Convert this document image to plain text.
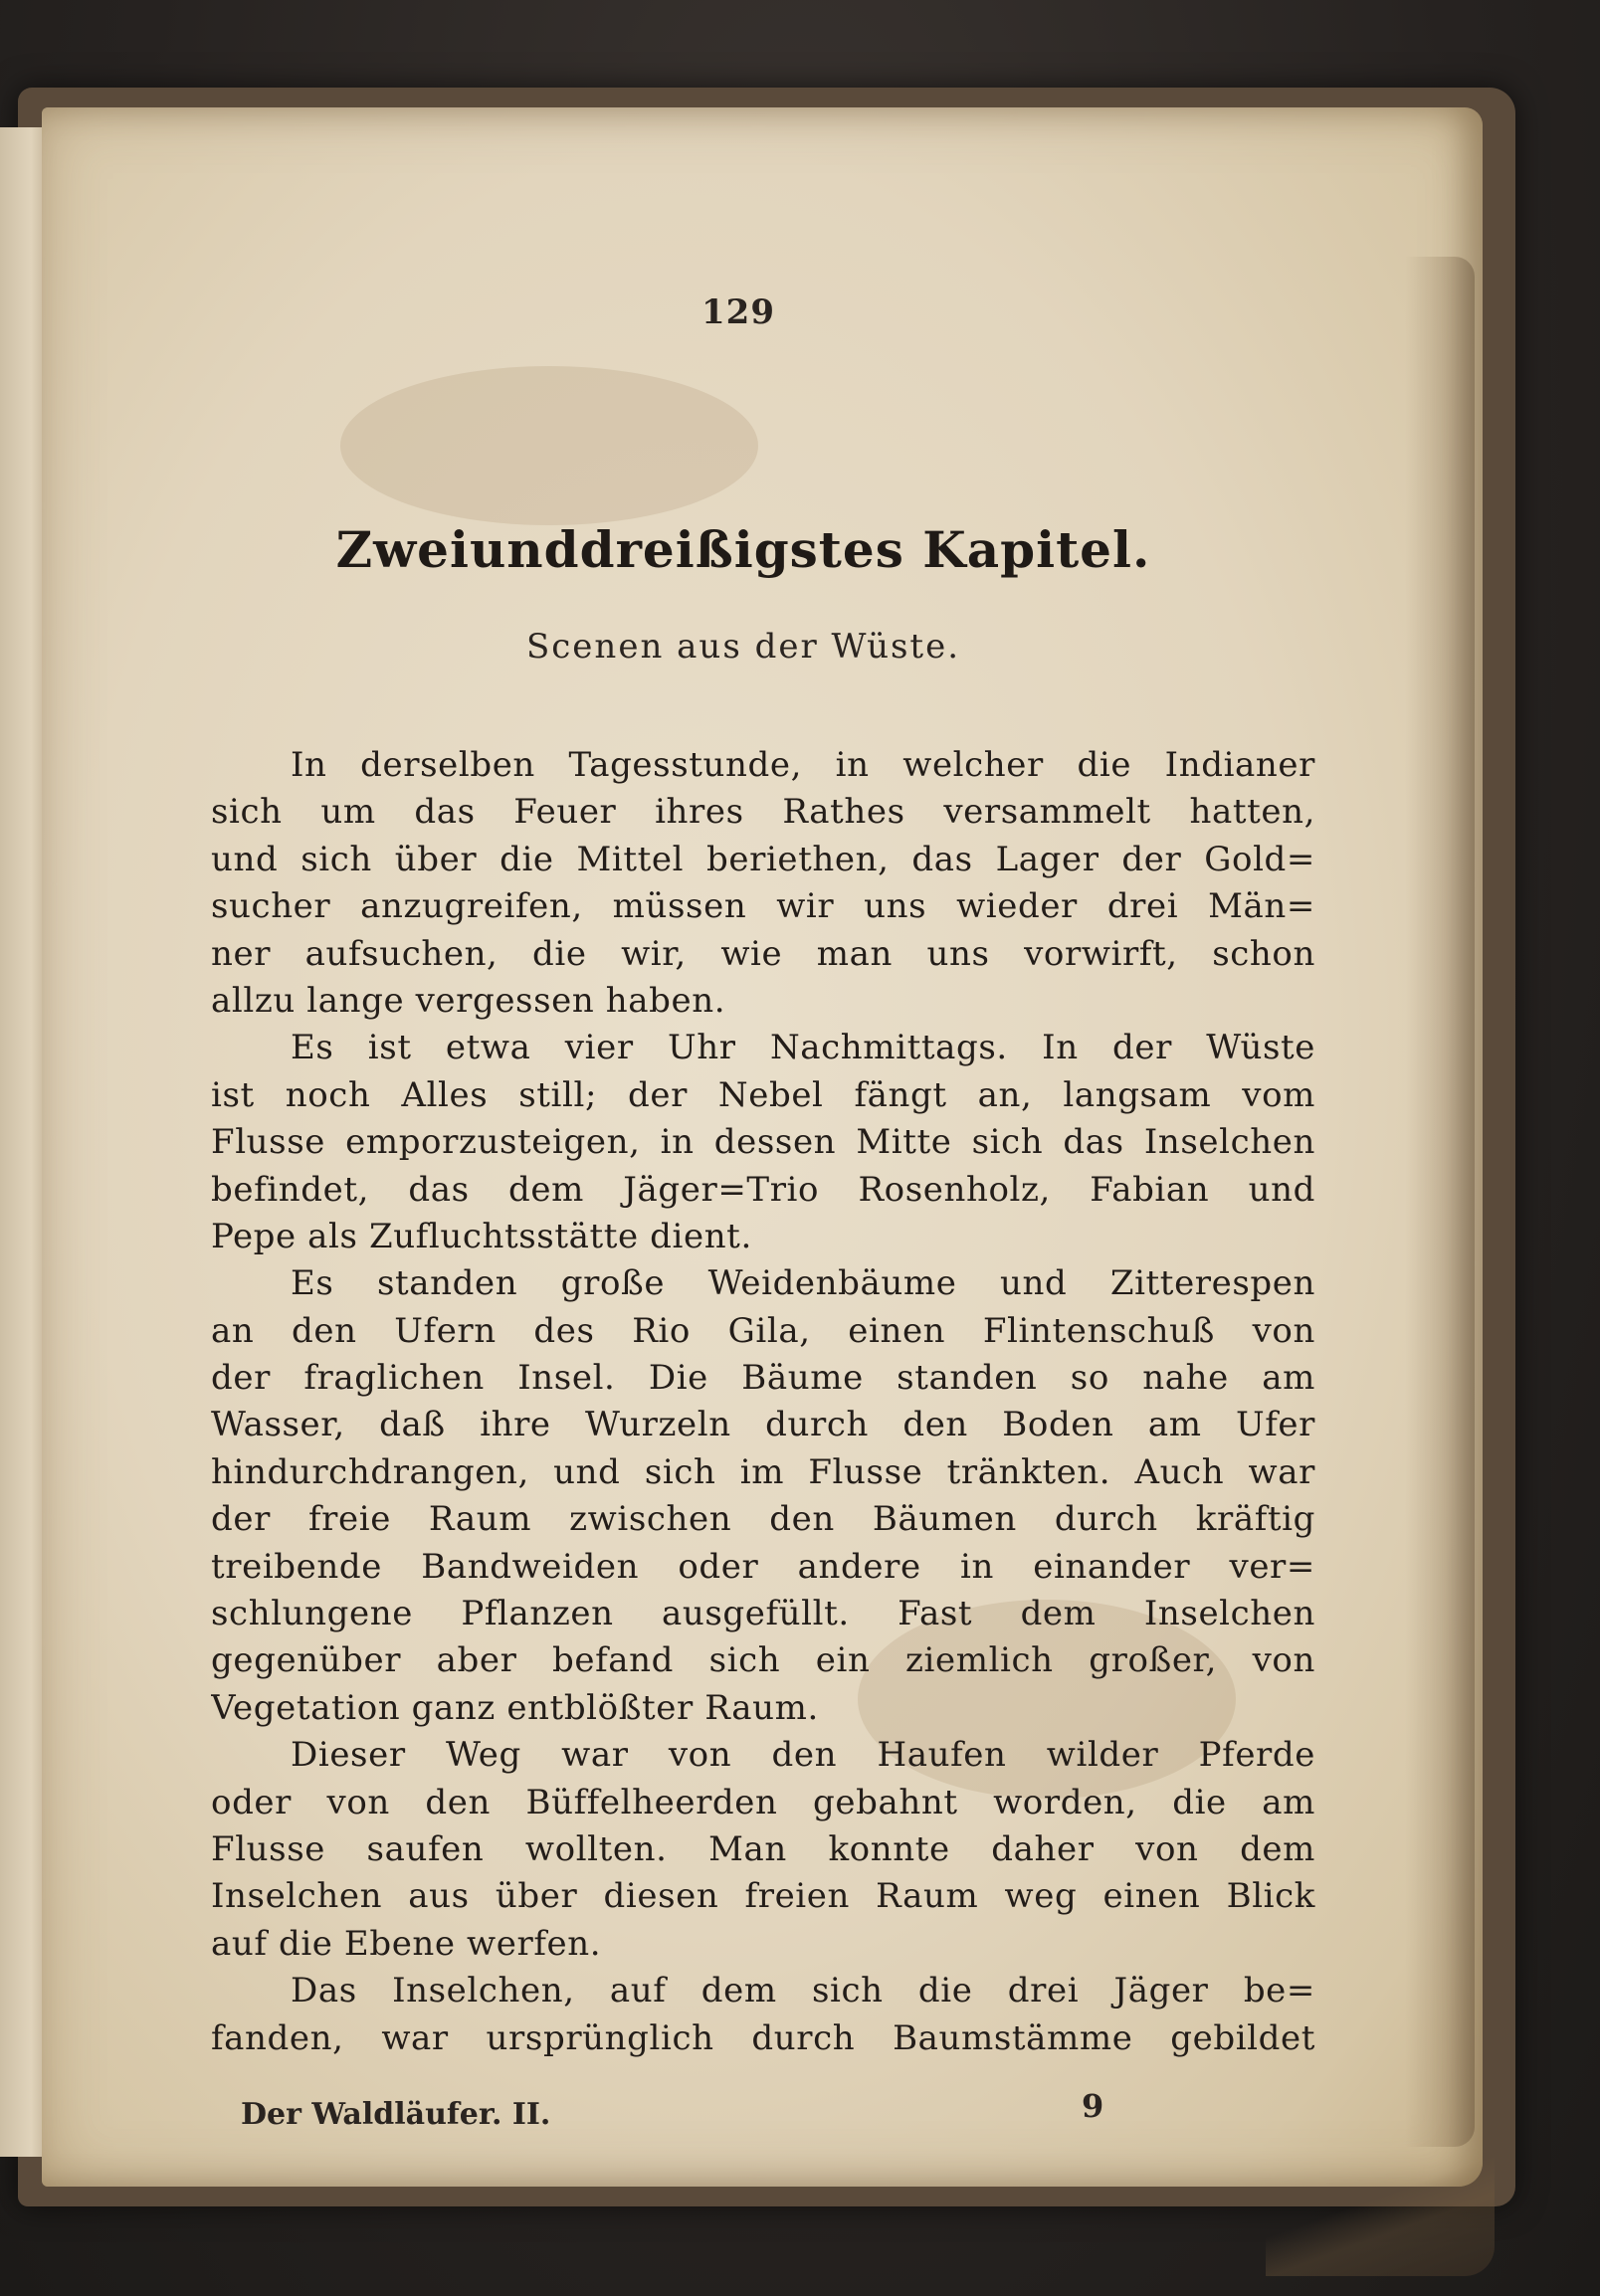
129
Zweiunddreißigstes Kapitel.
Scenen aus der Wüste.
In derselben Tagesstunde, in welcher die Indianer
sich um das Feuer ihres Rathes versammelt hatten,
und sich über die Mittel beriethen, das Lager der Gold=
sucher anzugreifen, müssen wir uns wieder drei Män=
ner aufsuchen, die wir, wie man uns vorwirft, schon
allzu lange vergessen haben.
Es ist etwa vier Uhr Nachmittags. In der Wüste
ist noch Alles still; der Nebel fängt an, langsam vom
Flusse emporzusteigen, in dessen Mitte sich das Inselchen
befindet, das dem Jäger=Trio Rosenholz, Fabian und
Pepe als Zufluchtsstätte dient.
Es standen große Weidenbäume und Zitterespen
an den Ufern des Rio Gila, einen Flintenschuß von
der fraglichen Insel. Die Bäume standen so nahe am
Wasser, daß ihre Wurzeln durch den Boden am Ufer
hindurchdrangen, und sich im Flusse tränkten. Auch war
der freie Raum zwischen den Bäumen durch kräftig
treibende Bandweiden oder andere in einander ver=
schlungene Pflanzen ausgefüllt. Fast dem Inselchen
gegenüber aber befand sich ein ziemlich großer, von
Vegetation ganz entblößter Raum.
Dieser Weg war von den Haufen wilder Pferde
oder von den Büffelheerden gebahnt worden, die am
Flusse saufen wollten. Man konnte daher von dem
Inselchen aus über diesen freien Raum weg einen Blick
auf die Ebene werfen.
Das Inselchen, auf dem sich die drei Jäger be=
fanden, war ursprünglich durch Baumstämme gebildet
Der Waldläufer. II.	9
